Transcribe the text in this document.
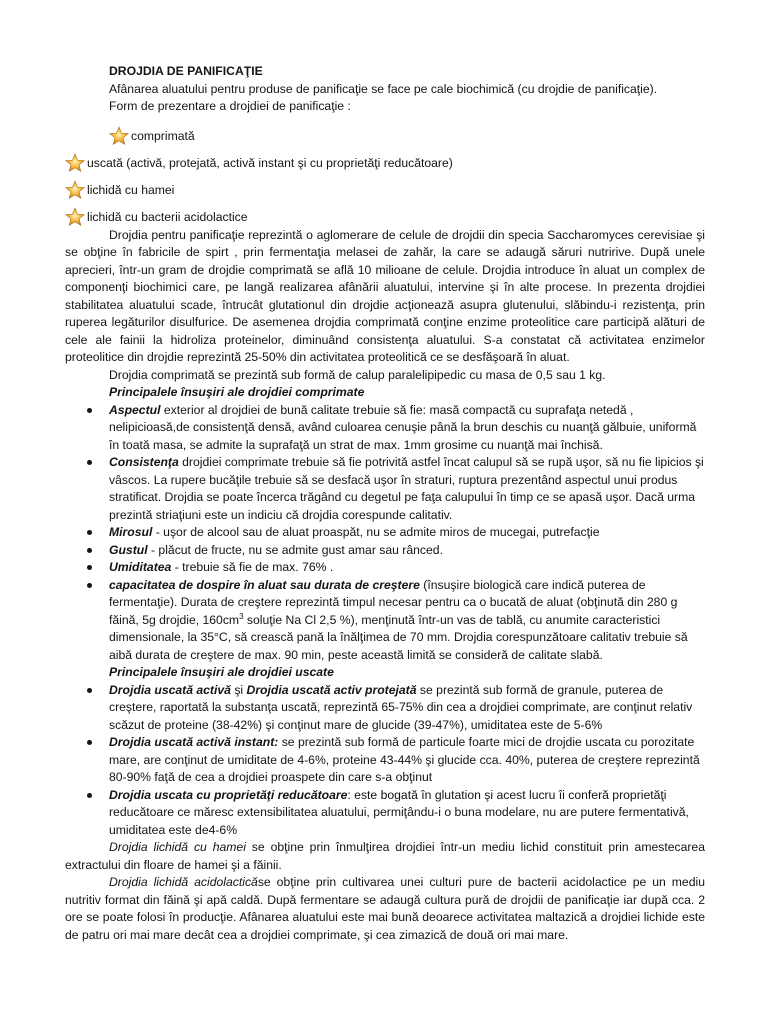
DROJDIA DE PANIFICAŢIE
Afânarea aluatului pentru produse de panificaţie se face pe cale biochimică (cu drojdie de panificaţie).
Form de prezentare a drojdiei de panificaţie :
comprimată
uscată (activă, protejată, activă instant şi cu proprietăţi reducătoare)
lichidă cu hamei
lichidă cu bacterii acidolactice
Drojdia pentru panificaţie reprezintă o aglomerare de celule de drojdii din specia Saccharomyces cerevisiae şi se obţine în fabricile de spirt , prin fermentaţia melasei de zahăr, la care se adaugă săruri nutririve. După unele aprecieri, într-un gram de drojdie comprimată se află 10 milioane de celule. Drojdia introduce în aluat un complex de componenţi biochimici care, pe langă realizarea afânării aluatului, intervine şi în alte procese. In prezenta drojdiei stabilitatea aluatului scade, întrucât glutationul din drojdie acţionează asupra glutenului, slăbindu-i rezistenţa, prin ruperea legăturilor disulfurice. De asemenea drojdia comprimată conţine enzime proteolitice care participă alături de cele ale fainii la hidroliza proteinelor, diminuând consistenţa aluatului. S-a constatat că activitatea enzimelor proteolitice din drojdie reprezintă 25-50% din activitatea proteolitică ce se desfăşoară în aluat.
Drojdia comprimată se prezintă sub formă de calup paralelipipedic cu masa de 0,5 sau 1 kg.
Principalele însuşiri ale drojdiei comprimate
Aspectul exterior al drojdiei de bună calitate trebuie să fie: masă compactă cu suprafaţa netedă , nelipicioasă,de consistenţă densă, având culoarea cenuşie până la brun deschis cu nuanţă gălbuie, uniformă în toată masa, se admite la suprafaţă un strat de max. 1mm grosime cu nuanţă mai închisă.
Consistenţa drojdiei comprimate trebuie să fie potrivită astfel încat calupul să se rupă uşor, să nu fie lipicios şi vâscos. La rupere bucăţile trebuie să se desfacă uşor în straturi, ruptura prezentând aspectul unui produs stratificat. Drojdia se poate încerca trăgând cu degetul pe faţa calupului în timp ce se apasă uşor. Dacă urma prezintă striaţiuni este un indiciu că drojdia corespunde calitativ.
Mirosul - uşor de alcool sau de aluat proaspăt, nu se admite miros de mucegai, putrefacţie
Gustul - plăcut de fructe, nu se admite gust amar sau rânced.
Umiditatea - trebuie să fie de max. 76% .
capacitatea de dospire în aluat sau durata de creştere (însuşire biologică care indică puterea de fermentaţie). Durata de creştere reprezintă timpul necesar pentru ca o bucată de aluat (obţinută din 280 g făină, 5g drojdie, $160cm^3$ soluţie Na Cl 2,5 %), menţinută într-un vas de tablă, cu anumite caracteristici dimensionale, la 35°C, să crească pană la înălţimea de 70 mm. Drojdia corespunzătoare calitativ trebuie să aibă durata de creştere de max. 90 min, peste această limită se consideră de calitate slabă.
Principalele însuşiri ale drojdiei uscate
Drojdia uscată activă şi Drojdia uscată activ protejată se prezintă sub formă de granule, puterea de creştere, raportată la substanţa uscată, reprezintă 65-75% din cea a drojdiei comprimate, are conţinut relativ scăzut de proteine (38-42%) şi conţinut mare de glucide (39-47%), umiditatea este de 5-6%
Drojdia uscată activă instant: se prezintă sub formă de particule foarte mici de drojdie uscata cu porozitate mare, are conţinut de umiditate de 4-6%, proteine 43-44% şi glucide cca. 40%, puterea de creştere reprezintă 80-90% faţă de cea a drojdiei proaspete din care s-a obţinut
Drojdia uscata cu proprietăţi reducătoare: este bogată în glutation şi acest lucru îi conferă proprietăţi reducătoare ce măresc extensibilitatea aluatului, permiţându-i o buna modelare, nu are putere fermentativă, umiditatea este de4-6%
Drojdia lichidă cu hamei se obţine prin înmulţirea drojdiei într-un mediu lichid constituit prin amestecarea extractului din floare de hamei şi a făinii.
Drojdia lichidă acidolacticăse obţine prin cultivarea unei culturi pure de bacterii acidolactice pe un mediu nutritiv format din făină şi apă caldă. După fermentare se adaugă cultura pură de drojdii de panificaţie iar după cca. 2 ore se poate folosi în producţie. Afânarea aluatului este mai bună deoarece activitatea maltazică a drojdiei lichide este de patru ori mai mare decât cea a drojdiei comprimate, şi cea zimazică de două ori mai mare.
